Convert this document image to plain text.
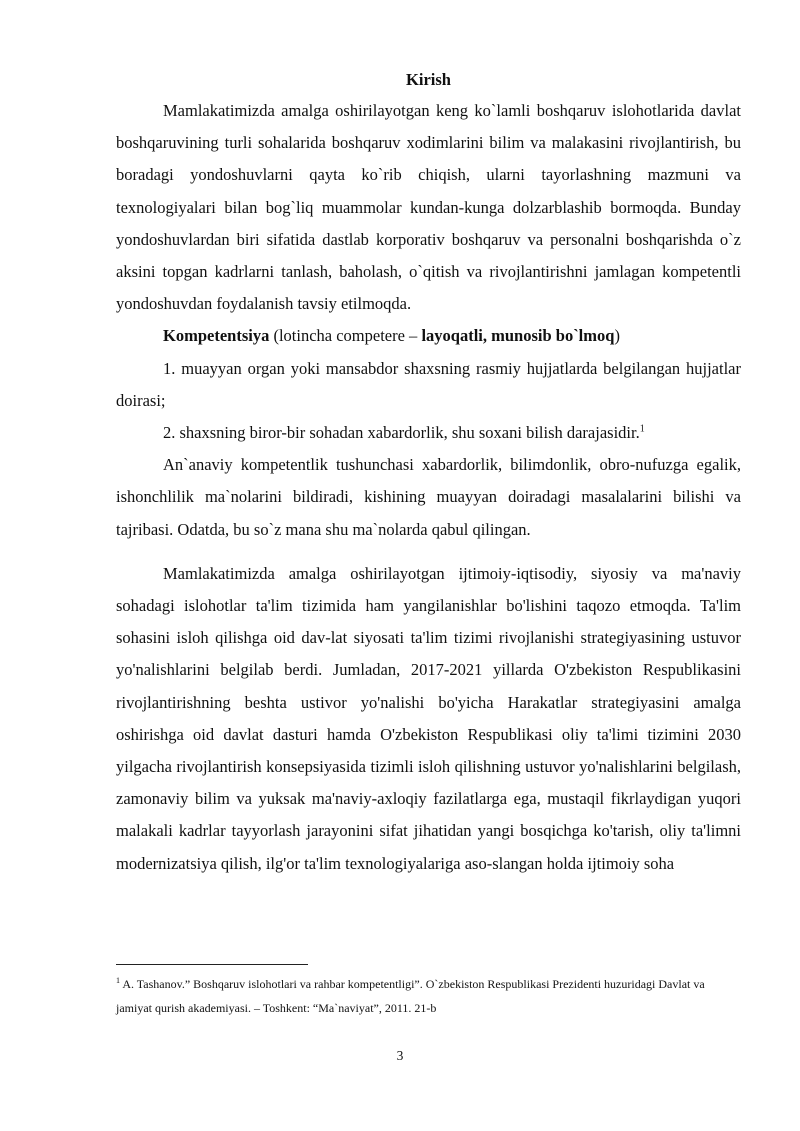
Kirish

Mamlakatimizda amalga oshirilayotgan keng ko`lamli boshqaruv islohotlarida davlat boshqaruvining turli sohalarida boshqaruv xodimlarini bilim va malakasini rivojlantirish, bu boradagi yondoshuvlarni qayta ko`rib chiqish, ularni tayorlashning mazmuni va texnologiyalari bilan bog`liq muammolar kundan-kunga dolzarblashib bormoqda. Bunday yondoshuvlardan biri sifatida dastlab korporativ boshqaruv va personalni boshqarishda o`z aksini topgan kadrlarni tanlash, baholash, o`qitish va rivojlantirishni jamlagan kompetentli yondoshuvdan foydalanish tavsiy etilmoqda.

Kompetentsiya (lotincha competere – layoqatli, munosib bo`lmoq)

1. muayyan organ yoki mansabdor shaxsning rasmiy hujjatlarda belgilangan hujjatlar doirasi;

2. shaxsning biror-bir sohadan xabardorlik, shu soxani bilish darajasidir.$^1$

An`anaviy kompetentlik tushunchasi xabardorlik, bilimdonlik, obro-nufuzga egalik, ishonchlilik ma`nolarini bildiradi, kishining muayyan doiradagi masalalarini bilishi va tajribasi. Odatda, bu so`z mana shu ma`nolarda qabul qilingan.

Mamlakatimizda amalga oshirilayotgan ijtimoiy-iqtisodiy, siyosiy va ma'naviy sohadagi islohotlar ta'lim tizimida ham yangilanishlar bo'lishini taqozo etmoqda. Ta'lim sohasini isloh qilishga oid dav-lat siyosati ta'lim tizimi rivojlanishi strategiyasining ustuvor yo'nalishlarini belgilab berdi. Jumladan, 2017-2021 yillarda O'zbekiston Respublikasini rivojlantirishning beshta ustivor yo'nalishi bo'yicha Harakatlar strategiyasini amalga oshirishga oid davlat dasturi hamda O'zbekiston Respublikasi oliy ta'limi tizimini 2030 yilgacha rivojlantirish konsepsiyasida tizimli isloh qilishning ustuvor yo'nalishlarini belgilash, zamonaviy bilim va yuksak ma'naviy-axloqiy fazilatlarga ega, mustaqil fikrlaydigan yuqori malakali kadrlar tayyorlash jarayonini sifat jihatidan yangi bosqichga ko'tarish, oliy ta'limni modernizatsiya qilish, ilg'or ta'lim texnologiyalariga aso-slangan holda ijtimoiy soha

$^1$ A. Tashanov.” Boshqaruv islohotlari va rahbar kompetentligi”. O`zbekiston Respublikasi Prezidenti huzuridagi Davlat va jamiyat qurish akademiyasi. – Toshkent: “Ma`naviyat”, 2011. 21-b
3
